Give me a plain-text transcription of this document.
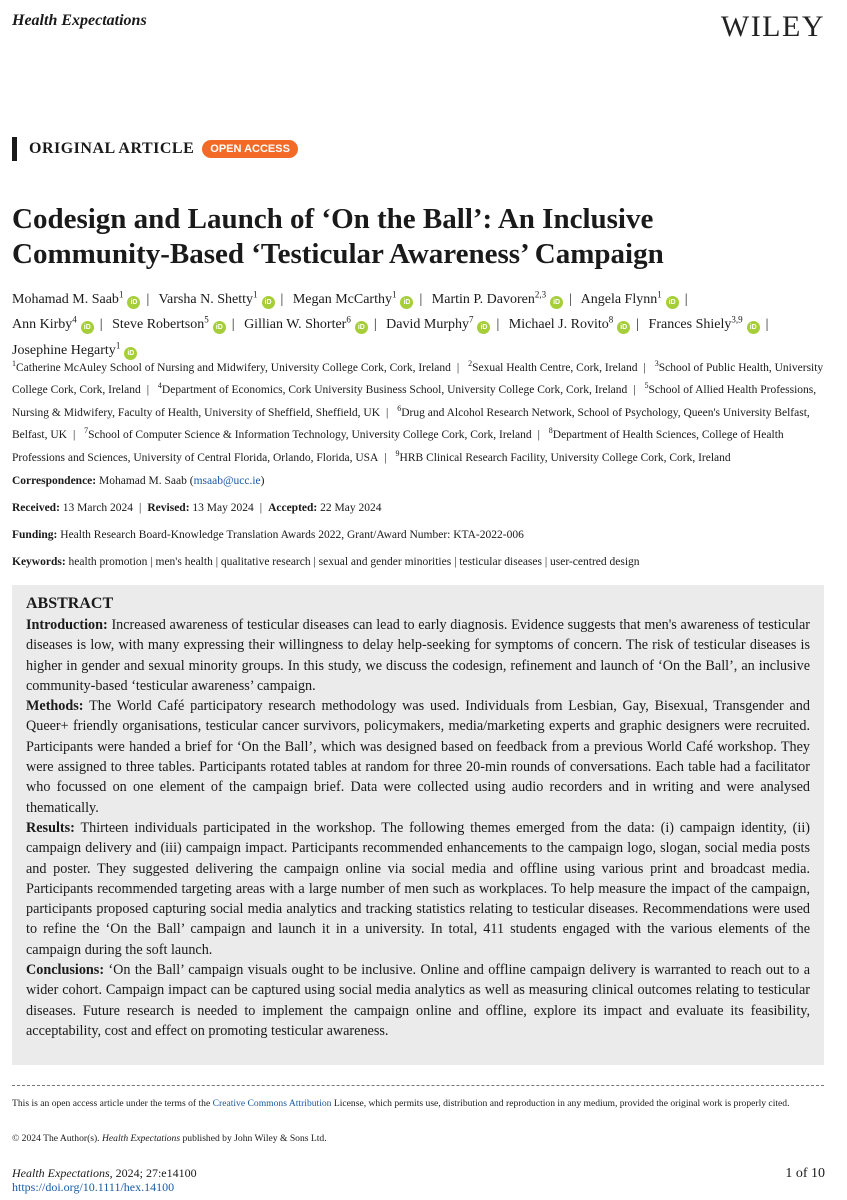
Health Expectations	WILEY
ORIGINAL ARTICLE	OPEN ACCESS
Codesign and Launch of ‘On the Ball’: An Inclusive Community-Based ‘Testicular Awareness’ Campaign
Mohamad M. Saab$^1$iD | Varsha N. Shetty$^1$iD | Megan McCarthy$^1$iD | Martin P. Davoren$^{2,3}$iD | Angela Flynn$^1$iD |
Ann Kirby$^4$iD | Steve Robertson$^5$iD | Gillian W. Shorter$^6$iD | David Murphy$^7$iD | Michael J. Rovito$^8$iD | Frances Shiely$^{3,9}$iD |
Josephine Hegarty$^1$iD
$^1$Catherine McAuley School of Nursing and Midwifery, University College Cork, Cork, Ireland | $^2$Sexual Health Centre, Cork, Ireland | $^3$School of Public Health, University College Cork, Cork, Ireland | $^4$Department of Economics, Cork University Business School, University College Cork, Cork, Ireland | $^5$School of Allied Health Professions, Nursing & Midwifery, Faculty of Health, University of Sheffield, Sheffield, UK | $^6$Drug and Alcohol Research Network, School of Psychology, Queen's University Belfast, Belfast, UK | $^7$School of Computer Science & Information Technology, University College Cork, Cork, Ireland | $^8$Department of Health Sciences, College of Health Professions and Sciences, University of Central Florida, Orlando, Florida, USA | $^9$HRB Clinical Research Facility, University College Cork, Cork, Ireland
Correspondence: Mohamad M. Saab (msaab@ucc.ie)
Received: 13 March 2024 | Revised: 13 May 2024 | Accepted: 22 May 2024
Funding: Health Research Board-Knowledge Translation Awards 2022, Grant/Award Number: KTA-2022-006
Keywords: health promotion | men's health | qualitative research | sexual and gender minorities | testicular diseases | user-centred design
ABSTRACT

Introduction: Increased awareness of testicular diseases can lead to early diagnosis. Evidence suggests that men's awareness of testicular diseases is low, with many expressing their willingness to delay help-seeking for symptoms of concern. The risk of testicular diseases is higher in gender and sexual minority groups. In this study, we discuss the codesign, refinement and launch of ‘On the Ball’, an inclusive community-based ‘testicular awareness’ campaign.

Methods: The World Café participatory research methodology was used. Individuals from Lesbian, Gay, Bisexual, Transgender and Queer+ friendly organisations, testicular cancer survivors, policymakers, media/marketing experts and graphic designers were recruited. Participants were handed a brief for ‘On the Ball’, which was designed based on feedback from a previous World Café workshop. They were assigned to three tables. Participants rotated tables at random for three 20-min rounds of conversations. Each table had a facilitator who focussed on one element of the campaign brief. Data were collected using audio recorders and in writing and were analysed thematically.

Results: Thirteen individuals participated in the workshop. The following themes emerged from the data: (i) campaign identity, (ii) campaign delivery and (iii) campaign impact. Participants recommended enhancements to the campaign logo, slogan, social media posts and poster. They suggested delivering the campaign online via social media and offline using various print and broadcast media. Participants recommended targeting areas with a large number of men such as workplaces. To help measure the impact of the campaign, participants proposed capturing social media analytics and tracking statistics relating to testicular diseases. Recommendations were used to refine the ‘On the Ball’ campaign and launch it in a university. In total, 411 students engaged with the various elements of the campaign during the soft launch.

Conclusions: ‘On the Ball’ campaign visuals ought to be inclusive. Online and offline campaign delivery is warranted to reach out to a wider cohort. Campaign impact can be captured using social media analytics as well as measuring clinical outcomes relating to testicular diseases. Future research is needed to implement the campaign online and offline, explore its impact and evaluate its feasibility, acceptability, cost and effect on promoting testicular awareness.

This is an open access article under the terms of the Creative Commons Attribution License, which permits use, distribution and reproduction in any medium, provided the original work is properly cited.
© 2024 The Author(s). Health Expectations published by John Wiley & Sons Ltd.
Health Expectations, 2024; 27:e14100
https://doi.org/10.1111/hex.14100
1 of 10
